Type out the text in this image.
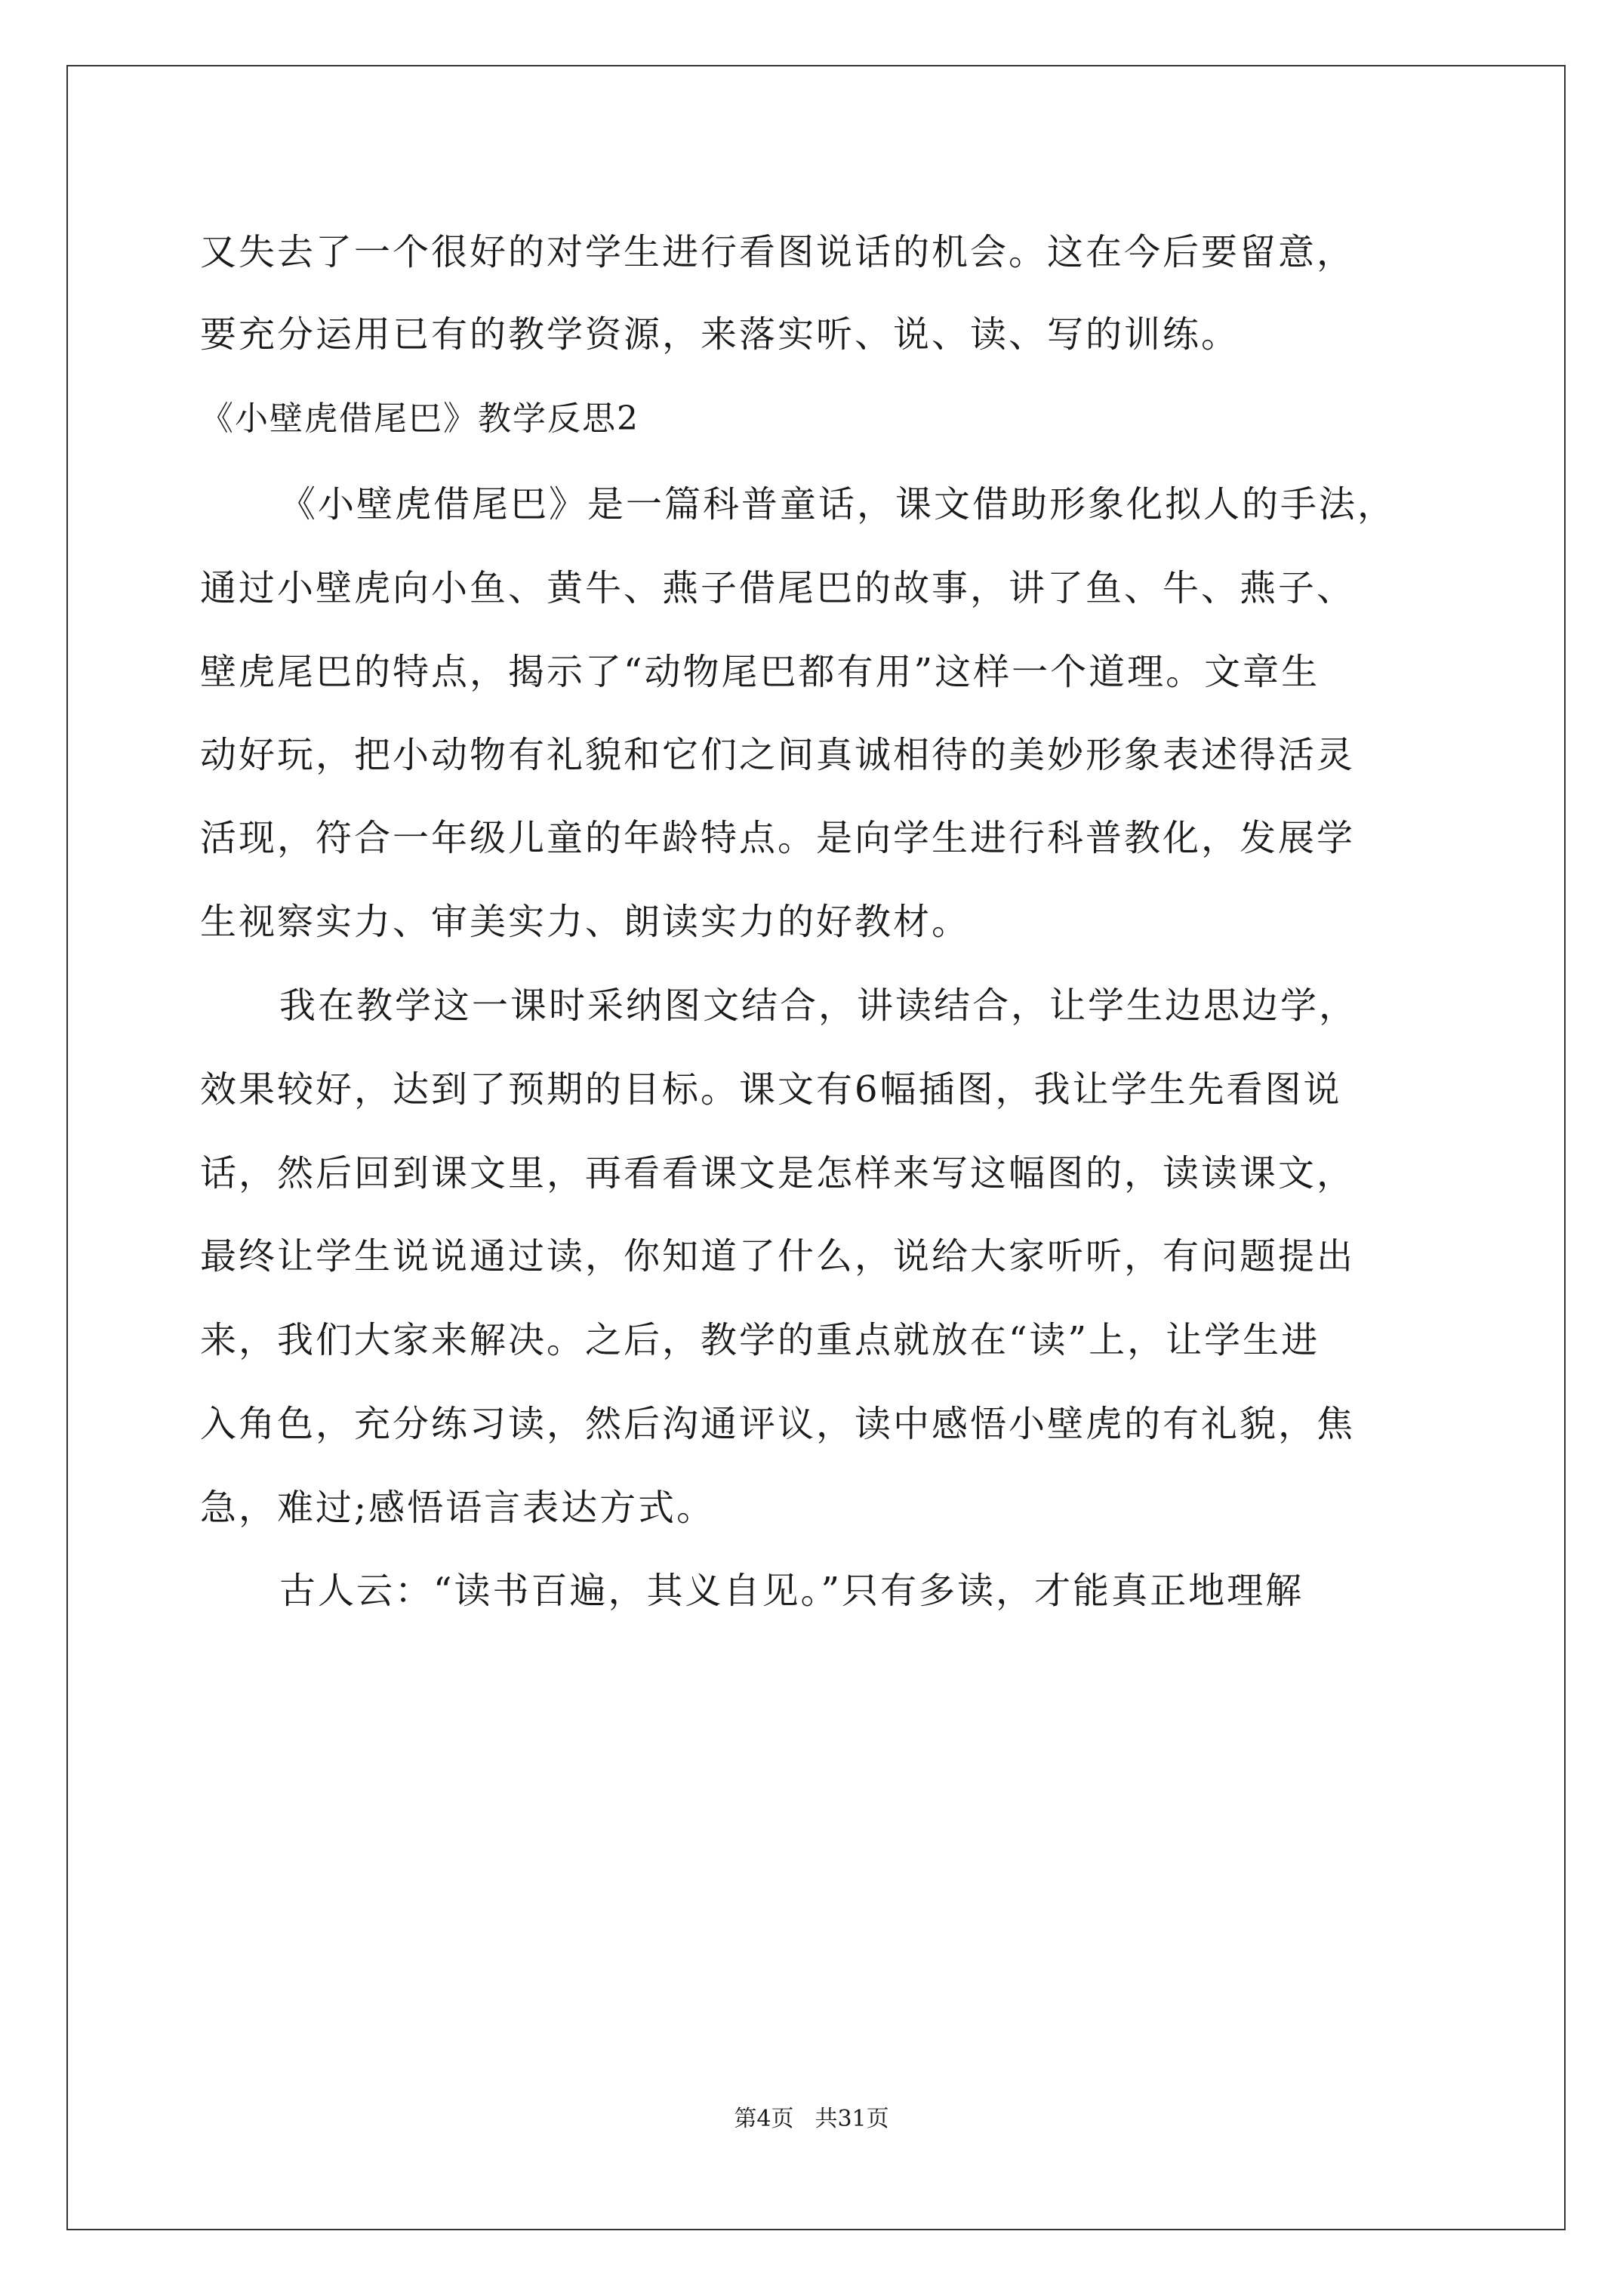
又失去了一个很好的对学生进行看图说话的机会。这在今后要留意，

要充分运用已有的教学资源，来落实听、说、读、写的训练。

《小壁虎借尾巴》教学反思2

《小壁虎借尾巴》是一篇科普童话，课文借助形象化拟人的手法，

通过小壁虎向小鱼、黄牛、燕子借尾巴的故事，讲了鱼、牛、燕子、

壁虎尾巴的特点，揭示了“动物尾巴都有用”这样一个道理。文章生

动好玩，把小动物有礼貌和它们之间真诚相待的美妙形象表述得活灵

活现，符合一年级儿童的年龄特点。是向学生进行科普教化，发展学

生视察实力、审美实力、朗读实力的好教材。

我在教学这一课时采纳图文结合，讲读结合，让学生边思边学，

效果较好，达到了预期的目标。课文有6幅插图，我让学生先看图说

话，然后回到课文里，再看看课文是怎样来写这幅图的，读读课文，

最终让学生说说通过读，你知道了什么，说给大家听听，有问题提出

来，我们大家来解决。之后，教学的重点就放在“读”上，让学生进

入角色，充分练习读，然后沟通评议，读中感悟小壁虎的有礼貌，焦

急，难过;感悟语言表达方式。

古人云：“读书百遍，其义自见。”只有多读，才能真正地理解

第4页 共31页
